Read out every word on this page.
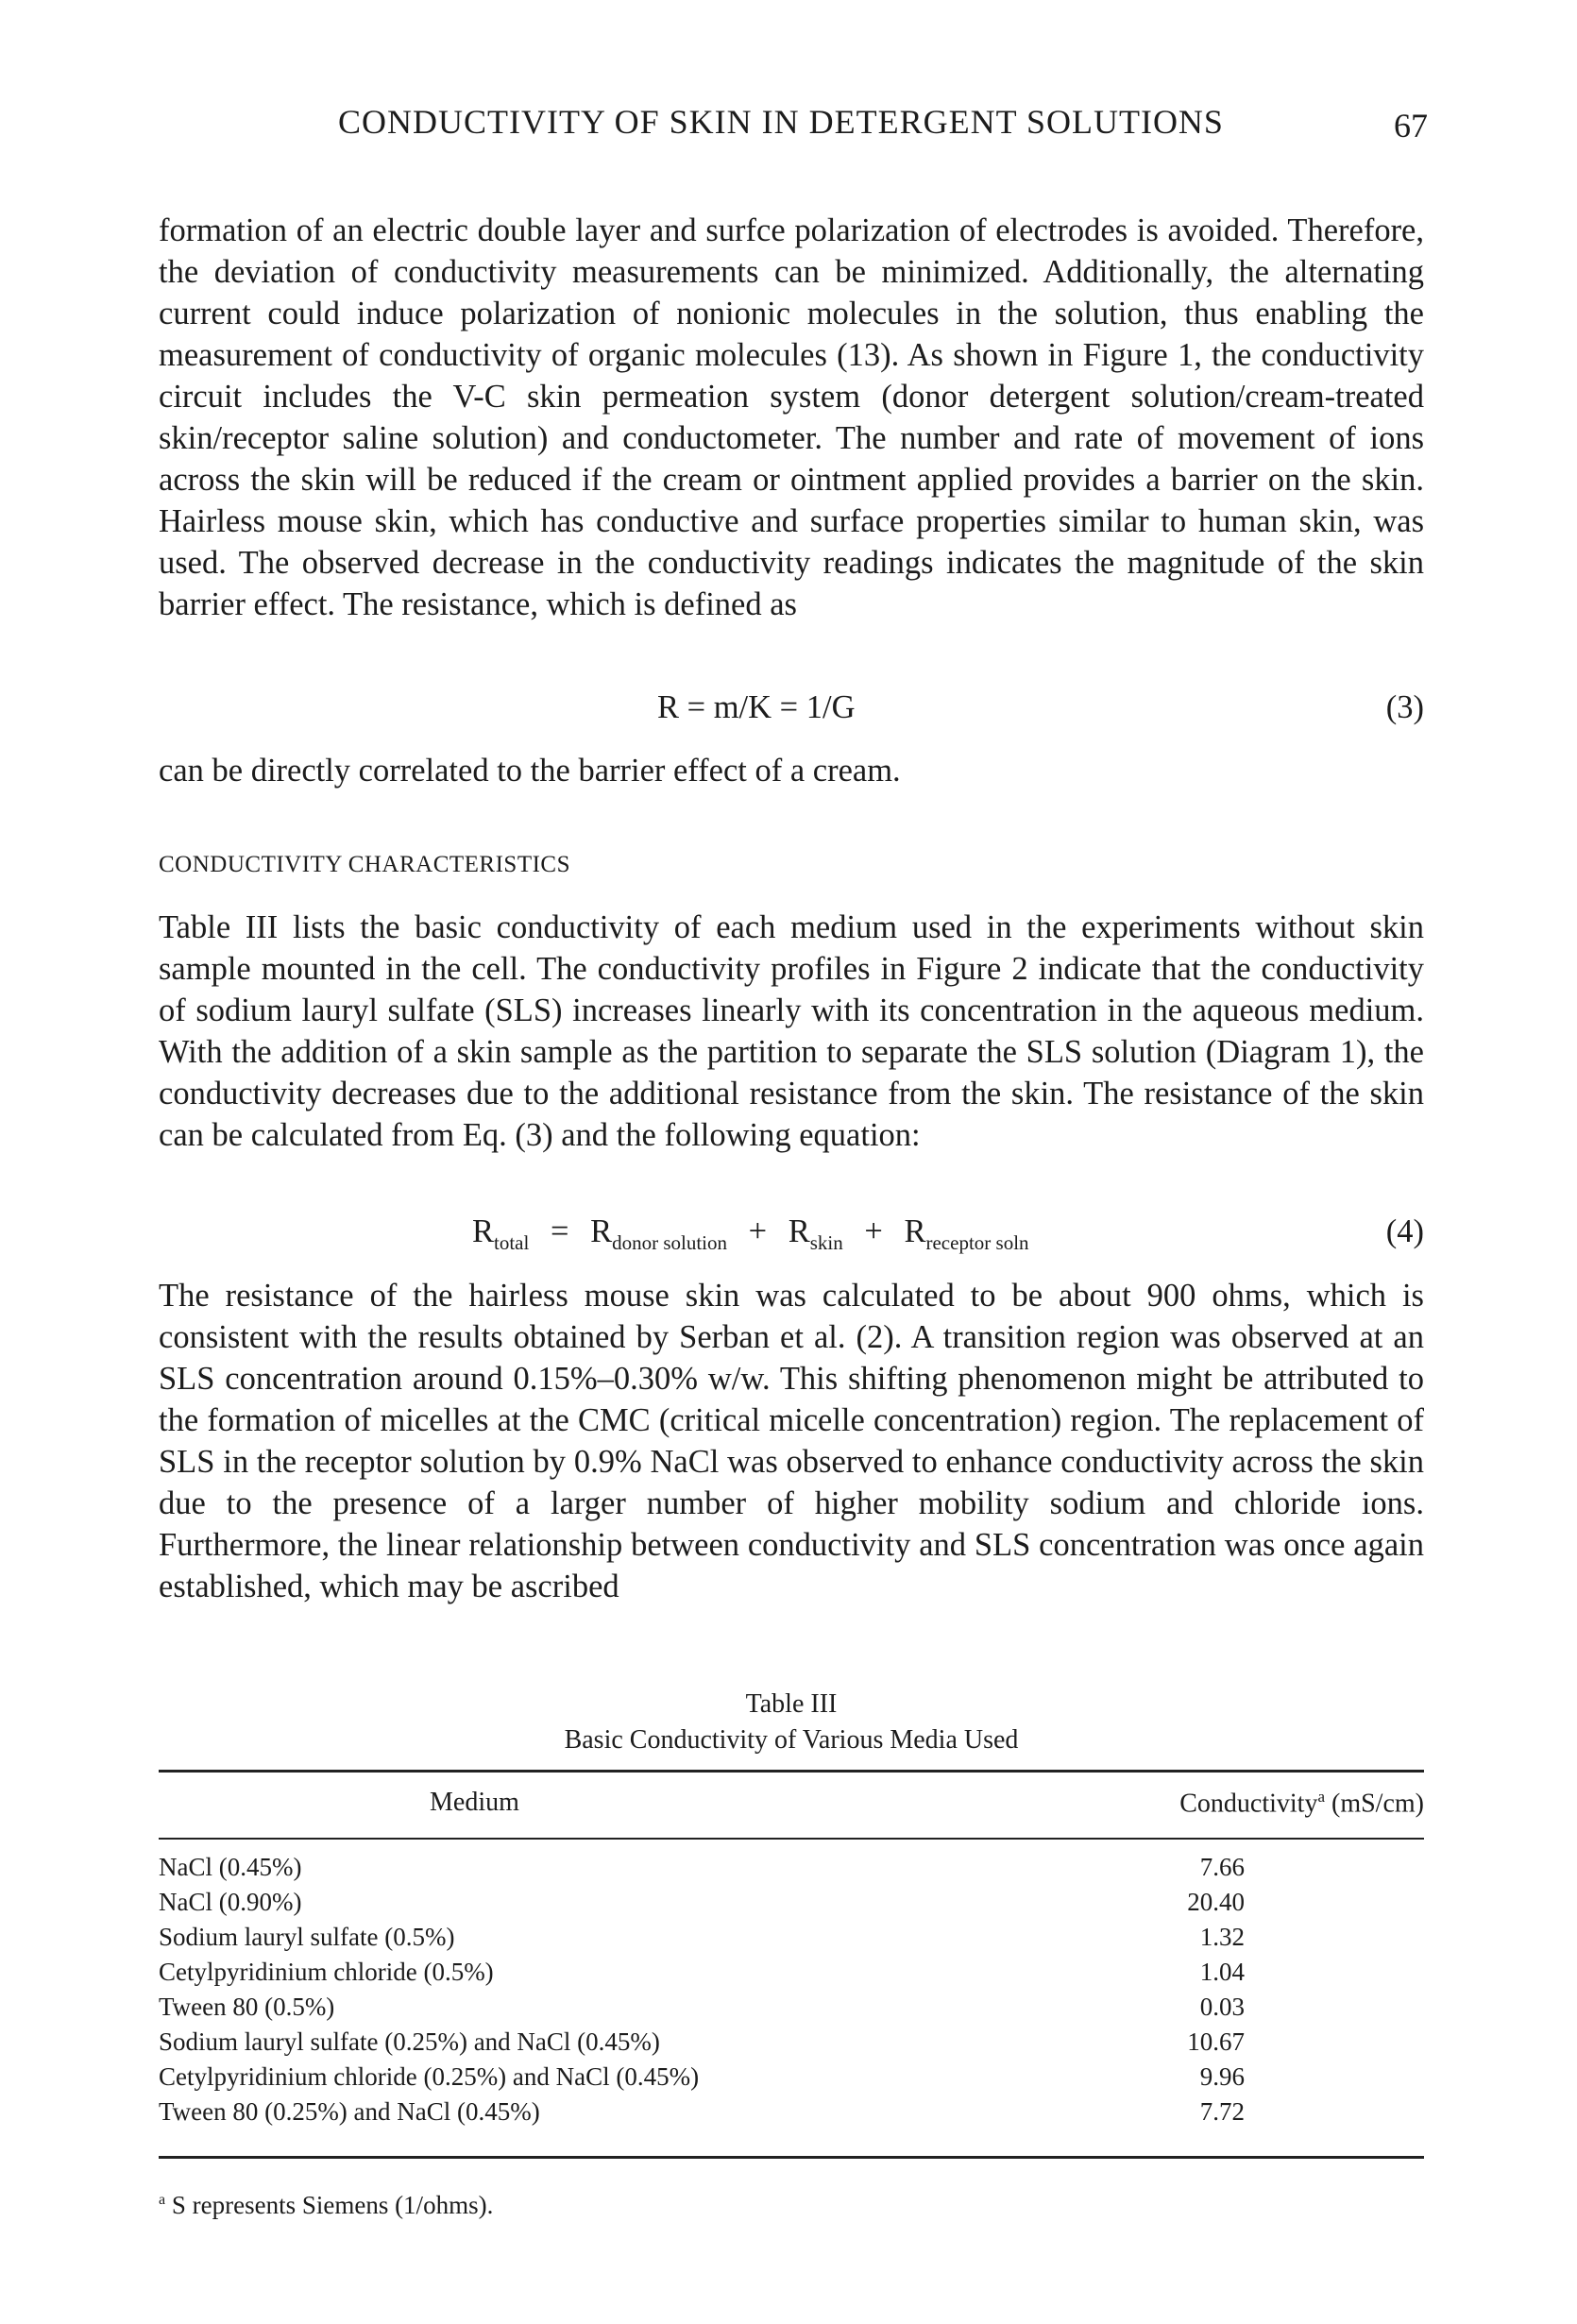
CONDUCTIVITY OF SKIN IN DETERGENT SOLUTIONS	67

formation of an electric double layer and surfce polarization of electrodes is avoided. Therefore, the deviation of conductivity measurements can be minimized. Additionally, the alternating current could induce polarization of nonionic molecules in the solution, thus enabling the measurement of conductivity of organic molecules (13). As shown in Figure 1, the conductivity circuit includes the V-C skin permeation system (donor detergent solution/cream-treated skin/receptor saline solution) and conductometer. The number and rate of movement of ions across the skin will be reduced if the cream or ointment applied provides a barrier on the skin. Hairless mouse skin, which has conductive and surface properties similar to human skin, was used. The observed decrease in the conductivity readings indicates the magnitude of the skin barrier effect. The resistance, which is defined as

R = m/K = 1/G	(3)
can be directly correlated to the barrier effect of a cream.
CONDUCTIVITY CHARACTERISTICS

Table III lists the basic conductivity of each medium used in the experiments without skin sample mounted in the cell. The conductivity profiles in Figure 2 indicate that the conductivity of sodium lauryl sulfate (SLS) increases linearly with its concentration in the aqueous medium. With the addition of a skin sample as the partition to separate the SLS solution (Diagram 1), the conductivity decreases due to the additional resistance from the skin. The resistance of the skin can be calculated from Eq. (3) and the following equation:

$R_{total} = R_{donor solution} + R_{skin} + R_{receptor soln}$	(4)

The resistance of the hairless mouse skin was calculated to be about 900 ohms, which is consistent with the results obtained by Serban et al. (2). A transition region was observed at an SLS concentration around 0.15%–0.30% w/w. This shifting phenomenon might be attributed to the formation of micelles at the CMC (critical micelle concentration) region. The replacement of SLS in the receptor solution by 0.9% NaCl was observed to enhance conductivity across the skin due to the presence of a larger number of higher mobility sodium and chloride ions. Furthermore, the linear relationship between conductivity and SLS concentration was once again established, which may be ascribed

Table III
Basic Conductivity of Various Media Used
Medium	Conductivity$^a$ (mS/cm)
NaCl (0.45%)	7.66
NaCl (0.90%)	20.40
Sodium lauryl sulfate (0.5%)	1.32
Cetylpyridinium chloride (0.5%)	1.04
Tween 80 (0.5%)	0.03
Sodium lauryl sulfate (0.25%) and NaCl (0.45%)	10.67
Cetylpyridinium chloride (0.25%) and NaCl (0.45%)	9.96
Tween 80 (0.25%) and NaCl (0.45%)	7.72
$^a$ S represents Siemens (1/ohms).
